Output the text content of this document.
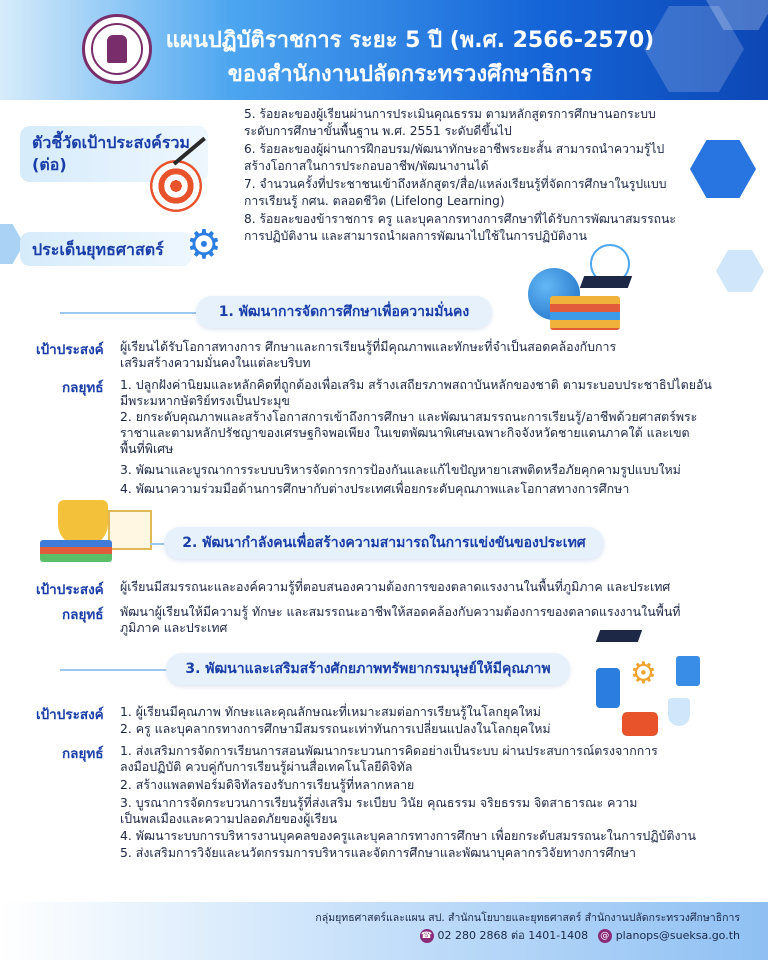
แผนปฏิบัติราชการ ระยะ 5 ปี (พ.ศ. 2566-2570)
ของสำนักงานปลัดกระทรวงศึกษาธิการ
ตัวชี้วัดเป้าประสงค์รวม
(ต่อ)
5. ร้อยละของผู้เรียนผ่านการประเมินคุณธรรม ตามหลักสูตรการศึกษานอกระบบ ระดับการศึกษาขั้นพื้นฐาน พ.ศ. 2551 ระดับดีขึ้นไป
6. ร้อยละของผู้ผ่านการฝึกอบรม/พัฒนาทักษะอาชีพระยะสั้น สามารถนำความรู้ไปสร้างโอกาสในการประกอบอาชีพ/พัฒนางานได้
7. จำนวนครั้งที่ประชาชนเข้าถึงหลักสูตร/สื่อ/แหล่งเรียนรู้ที่จัดการศึกษาในรูปแบบการเรียนรู้ กศน. ตลอดชีวิต (Lifelong Learning)
8. ร้อยละของข้าราชการ ครู และบุคลากรทางการศึกษาที่ได้รับการพัฒนาสมรรถนะการปฏิบัติงาน และสามารถนำผลการพัฒนาไปใช้ในการปฏิบัติงาน
ประเด็นยุทธศาสตร์ ⚙
1. พัฒนาการจัดการศึกษาเพื่อความมั่นคง
เป้าประสงค์ ผู้เรียนได้รับโอกาสทางการ ศึกษาและการเรียนรู้ที่มีคุณภาพและทักษะที่จำเป็นสอดคล้องกับการเสริมสร้างความมั่นคงในแต่ละบริบท
กลยุทธ์ 1. ปลูกฝังค่านิยมและหลักคิดที่ถูกต้องเพื่อเสริม สร้างเสถียรภาพสถาบันหลักของชาติ ตามระบอบประชาธิปไตยอันมีพระมหากษัตริย์ทรงเป็นประมุข
2. ยกระดับคุณภาพและสร้างโอกาสการเข้าถึงการศึกษา และพัฒนาสมรรถนะการเรียนรู้/อาชีพด้วยศาสตร์พระราชาและตามหลักปรัชญาของเศรษฐกิจพอเพียง ในเขตพัฒนาพิเศษเฉพาะกิจจังหวัดชายแดนภาคใต้ และเขตพื้นที่พิเศษ
3. พัฒนาและบูรณาการระบบบริหารจัดการการป้องกันและแก้ไขปัญหายาเสพติดหรือภัยคุกคามรูปแบบใหม่
4. พัฒนาความร่วมมือด้านการศึกษากับต่างประเทศเพื่อยกระดับคุณภาพและโอกาสทางการศึกษา
2. พัฒนากำลังคนเพื่อสร้างความสามารถในการแข่งขันของประเทศ
เป้าประสงค์ ผู้เรียนมีสมรรถนะและองค์ความรู้ที่ตอบสนองความต้องการของตลาดแรงงานในพื้นที่ภูมิภาค และประเทศ
กลยุทธ์ พัฒนาผู้เรียนให้มีความรู้ ทักษะ และสมรรถนะอาชีพให้สอดคล้องกับความต้องการของตลาดแรงงานในพื้นที่ ภูมิภาค และประเทศ
3. พัฒนาและเสริมสร้างศักยภาพทรัพยากรมนุษย์ให้มีคุณภาพ	⚙
เป้าประสงค์ 1. ผู้เรียนมีคุณภาพ ทักษะและคุณลักษณะที่เหมาะสมต่อการเรียนรู้ในโลกยุคใหม่
2. ครู และบุคลากรทางการศึกษามีสมรรถนะเท่าทันการเปลี่ยนแปลงในโลกยุคใหม่
กลยุทธ์ 1. ส่งเสริมการจัดการเรียนการสอนพัฒนากระบวนการคิดอย่างเป็นระบบ ผ่านประสบการณ์ตรงจากการลงมือปฏิบัติ ควบคู่กับการเรียนรู้ผ่านสื่อเทคโนโลยีดิจิทัล
2. สร้างแพลตฟอร์มดิจิทัลรองรับการเรียนรู้ที่หลากหลาย
3. บูรณาการจัดกระบวนการเรียนรู้ที่ส่งเสริม ระเบียบ วินัย คุณธรรม จริยธรรม จิตสาธารณะ ความเป็นพลเมืองและความปลอดภัยของผู้เรียน
4. พัฒนาระบบการบริหารงานบุคคลของครูและบุคลากรทางการศึกษา เพื่อยกระดับสมรรถนะในการปฏิบัติงาน
5. ส่งเสริมการวิจัยและนวัตกรรมการบริหารและจัดการศึกษาและพัฒนาบุคลากรวิจัยทางการศึกษา
กลุ่มยุทธศาสตร์และแผน สป. สำนักนโยบายและยุทธศาสตร์ สำนักงานปลัดกระทรวงศึกษาธิการ
☎ 02 280 2868 ต่อ 1401-1408 @ planops@sueksa.go.th
